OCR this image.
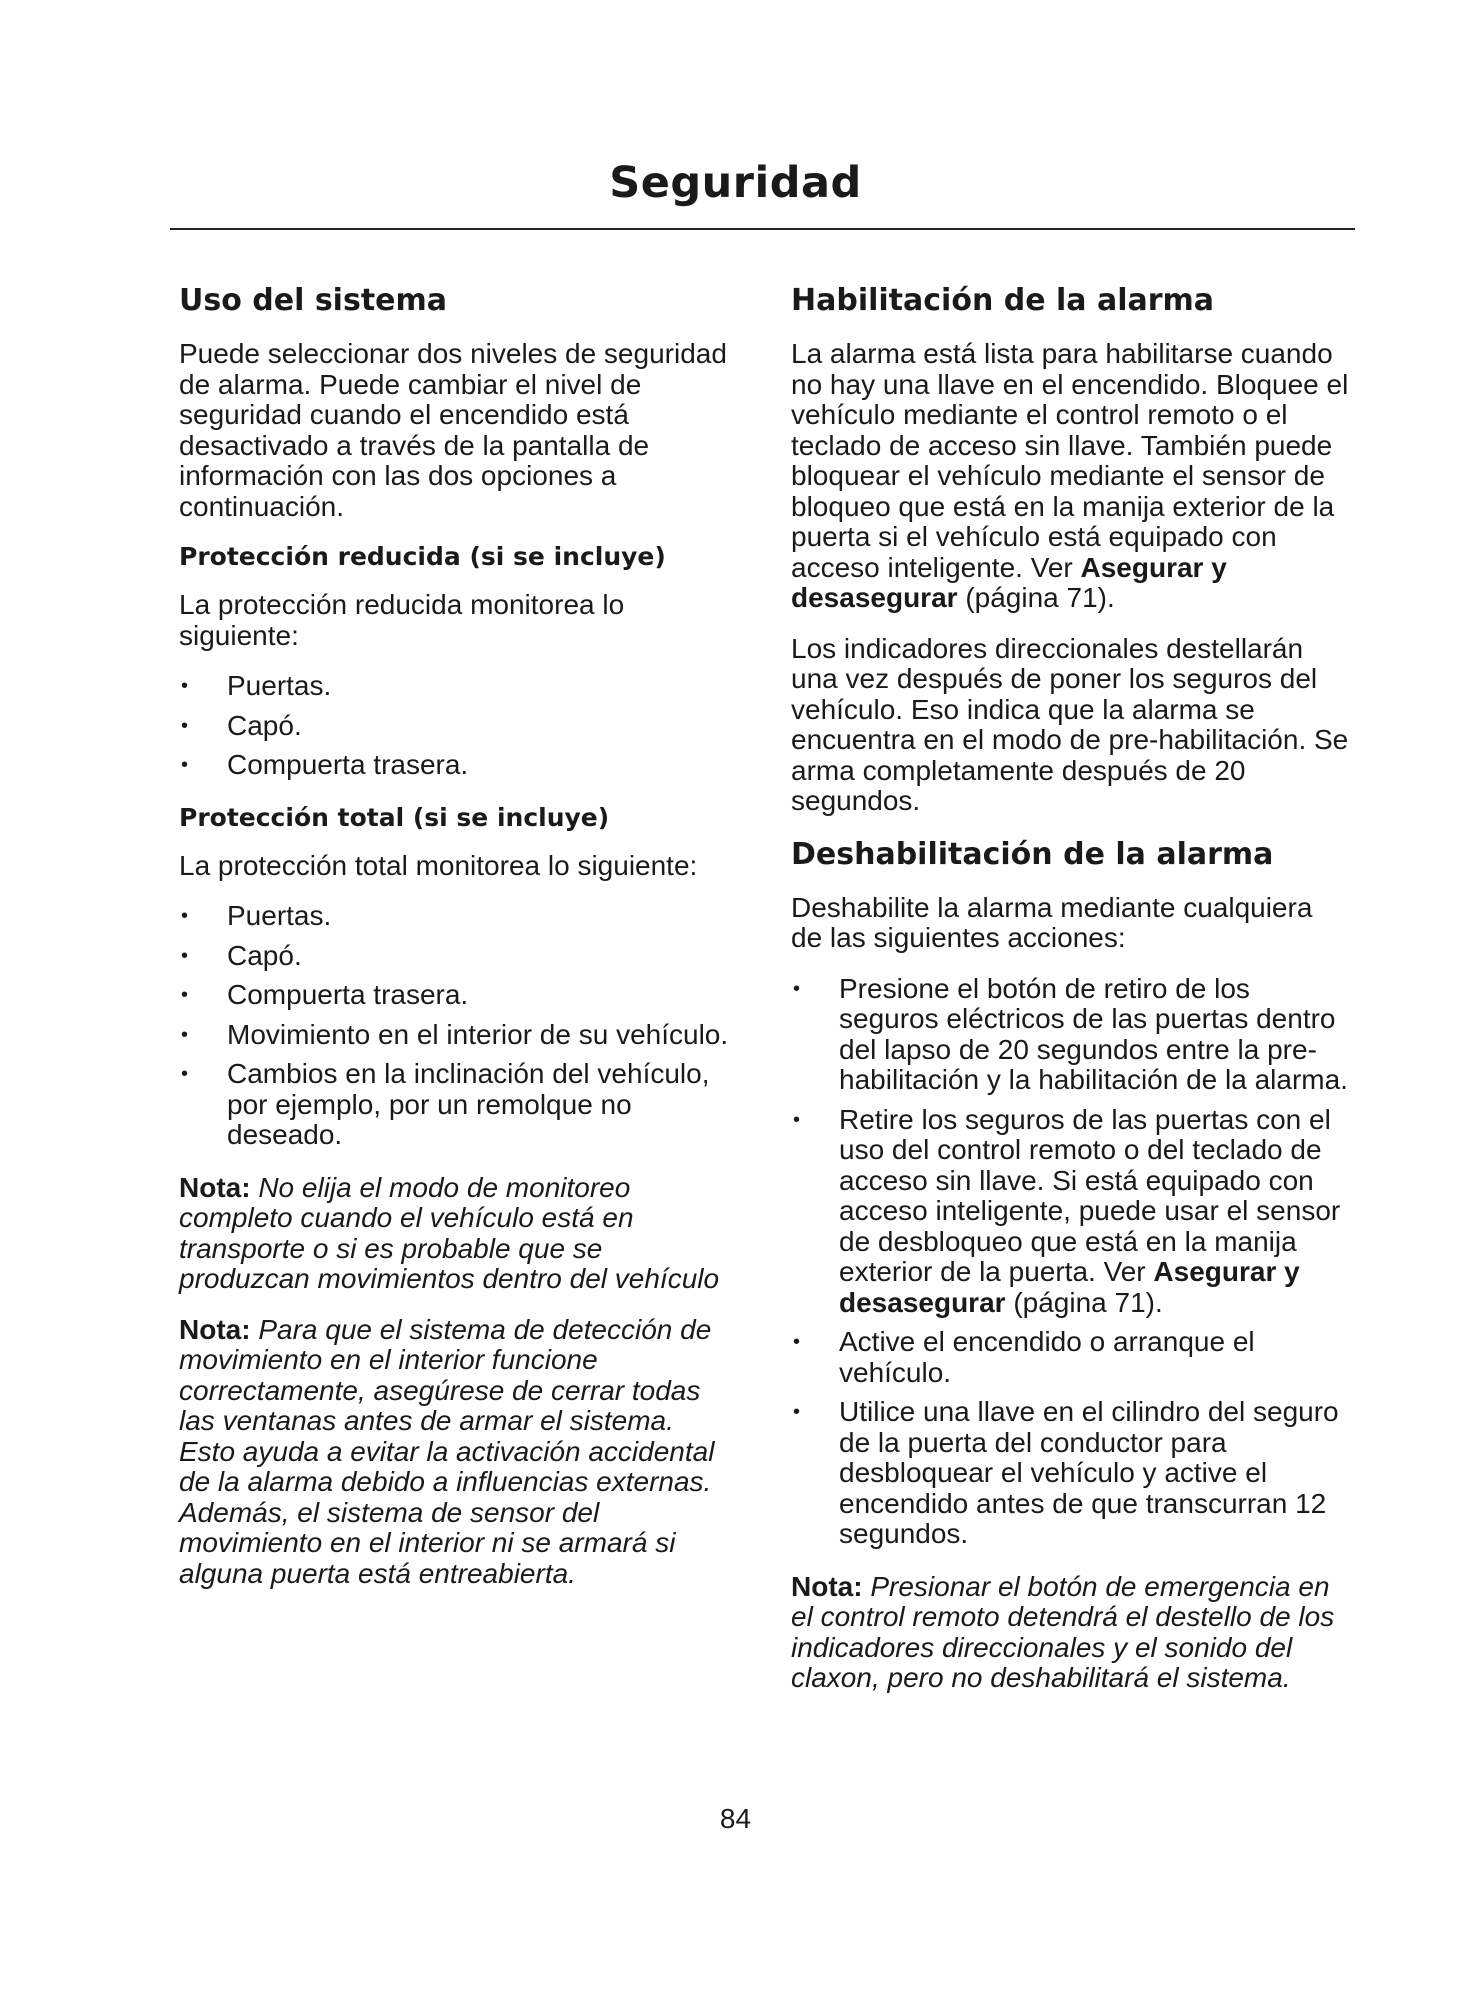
Seguridad
Uso del sistema

Puede seleccionar dos niveles de seguridad de alarma. Puede cambiar el nivel de seguridad cuando el encendido está desactivado a través de la pantalla de información con las dos opciones a continuación.

Protección reducida (si se incluye)

La protección reducida monitorea lo siguiente:

• Puertas.
• Capó.
• Compuerta trasera.
Protección total (si se incluye)

La protección total monitorea lo siguiente:

• Puertas.
• Capó.
• Compuerta trasera.
• Movimiento en el interior de su vehículo.
• Cambios en la inclinación del vehículo, por ejemplo, por un remolque no deseado.

Nota: No elija el modo de monitoreo completo cuando el vehículo está en transporte o si es probable que se produzcan movimientos dentro del vehículo

Nota: Para que el sistema de detección de movimiento en el interior funcione correctamente, asegúrese de cerrar todas las ventanas antes de armar el sistema. Esto ayuda a evitar la activación accidental de la alarma debido a influencias externas. Además, el sistema de sensor del movimiento en el interior ni se armará si alguna puerta está entreabierta.

Habilitación de la alarma

La alarma está lista para habilitarse cuando no hay una llave en el encendido. Bloquee el vehículo mediante el control remoto o el teclado de acceso sin llave. También puede bloquear el vehículo mediante el sensor de bloqueo que está en la manija exterior de la puerta si el vehículo está equipado con acceso inteligente. Ver Asegurar y desasegurar (página 71).

Los indicadores direccionales destellarán una vez después de poner los seguros del vehículo. Eso indica que la alarma se encuentra en el modo de pre-habilitación. Se arma completamente después de 20 segundos.

Deshabilitación de la alarma

Deshabilite la alarma mediante cualquiera de las siguientes acciones:

• Presione el botón de retiro de los seguros eléctricos de las puertas dentro del lapso de 20 segundos entre la pre-habilitación y la habilitación de la alarma.
• Retire los seguros de las puertas con el uso del control remoto o del teclado de acceso sin llave. Si está equipado con acceso inteligente, puede usar el sensor de desbloqueo que está en la manija exterior de la puerta. Ver Asegurar y desasegurar (página 71).
• Active el encendido o arranque el vehículo.
• Utilice una llave en el cilindro del seguro de la puerta del conductor para desbloquear el vehículo y active el encendido antes de que transcurran 12 segundos.

Nota: Presionar el botón de emergencia en el control remoto detendrá el destello de los indicadores direccionales y el sonido del claxon, pero no deshabilitará el sistema.

84
